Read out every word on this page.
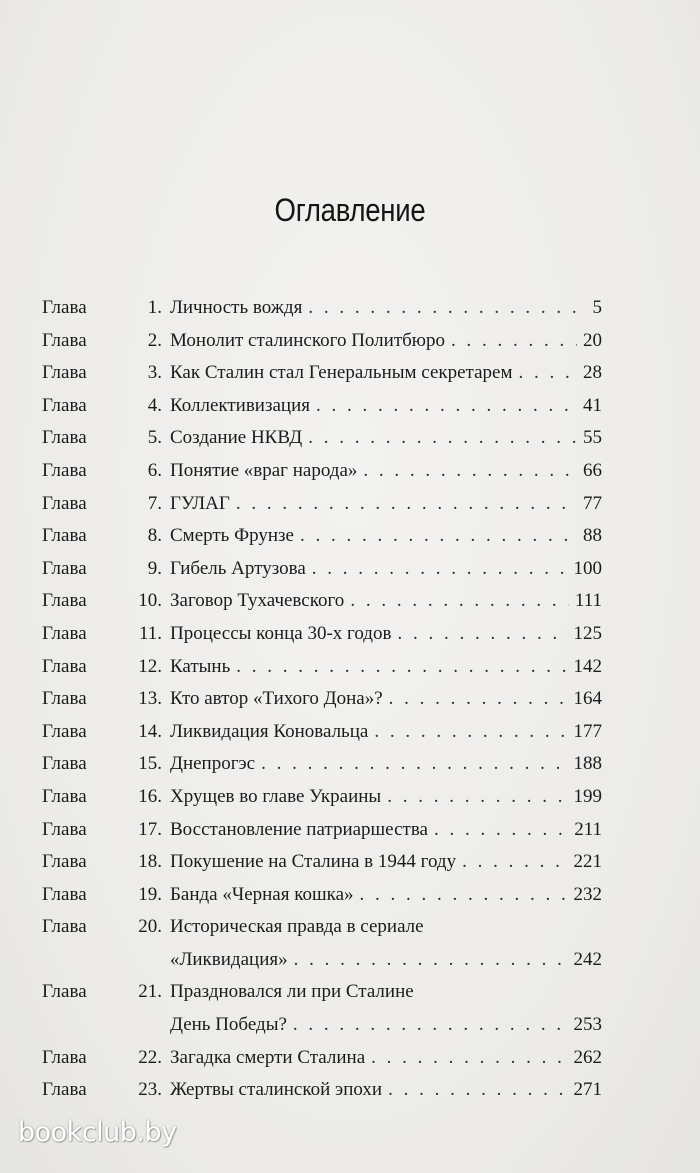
Оглавление
Глава	1. Личность вождя . . .	5
Глава	2. Монолит сталинского Политбюро . . .	20
Глава	3. Как Сталин стал Генеральным секретарем . . .	28
Глава	4. Коллективизация . . .	41
Глава	5. Создание НКВД . . .	55
Глава	6. Понятие «враг народа» . . .	66
Глава	7. ГУЛАГ . . .	77
Глава	8. Смерть Фрунзе . . .	88
Глава	9. Гибель Артузова . . .	100
Глава	10. Заговор Тухачевского . . .	111
Глава	11. Процессы конца 30-х годов . . .	125
Глава	12. Катынь . . .	142
Глава	13. Кто автор «Тихого Дона»? . . .	164
Глава	14. Ликвидация Коновальца . . .	177
Глава	15. Днепрогэс . . .	188
Глава	16. Хрущев во главе Украины . . .	199
Глава	17. Восстановление патриаршества . . .	211
Глава	18. Покушение на Сталина в 1944 году . . .	221
Глава	19. Банда «Черная кошка» . . .	232
Глава	20. Историческая правда в сериале
«Ликвидация» . . .	242
Глава	21. Праздновался ли при Сталине
День Победы? . . .	253
Глава	22. Загадка смерти Сталина . . .	262
Глава	23. Жертвы сталинской эпохи . . .	271
bookclub.by
